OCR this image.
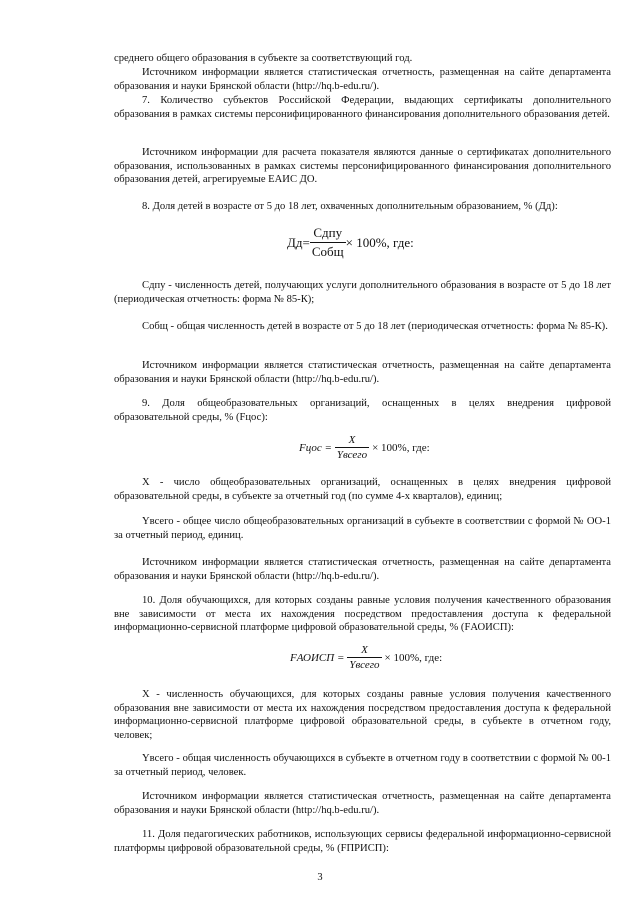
среднего общего образования в субъекте за соответствующий год.

Источником информации является статистическая отчетность, размещенная на сайте департамента образования и науки Брянской области (http://hq.b-edu.ru/).

7. Количество субъектов Российской Федерации, выдающих сертификаты дополнительного образования в рамках системы персонифицированного финансирования дополнительного образования детей.

Источником информации для расчета показателя являются данные о сертификатах дополнительного образования, использованных в рамках системы персонифицированного финансирования дополнительного образования детей, агрегируемые ЕАИС ДО.

8. Доля детей в возрасте от 5 до 18 лет, охваченных дополнительным образованием, % (Дд):

$Дд= \frac{\text{Сдпу}}{\text{Собщ}} \times 100\%$, где:

Сдпу - численность детей, получающих услуги дополнительного образования в возрасте от 5 до 18 лет (периодическая отчетность: форма № 85-К);

Собщ - общая численность детей в возрасте от 5 до 18 лет (периодическая отчетность: форма № 85-К).

Источником информации является статистическая отчетность, размещенная на сайте департамента образования и науки Брянской области (http://hq.b-edu.ru/).

9. Доля общеобразовательных организаций, оснащенных в целях внедрения цифровой образовательной среды, % (Fцос):

Fцос = $\frac{X}{\text{Yвсего}} \times 100\%$, где:

X - число общеобразовательных организаций, оснащенных в целях внедрения цифровой образовательной среды, в субъекте за отчетный год (по сумме 4-х кварталов), единиц;

Yвсего - общее число общеобразовательных организаций в субъекте в соответствии с формой № ОО-1 за отчетный период, единиц.

Источником информации является статистическая отчетность, размещенная на сайте департамента образования и науки Брянской области (http://hq.b-edu.ru/).

10. Доля обучающихся, для которых созданы равные условия получения качественного образования вне зависимости от места их нахождения посредством предоставления доступа к федеральной информационно-сервисной платформе цифровой образовательной среды, % (FАОИСП):

FАОИСП = $\frac{X}{\text{Yвсего}} \times 100\%$, где:

X - численность обучающихся, для которых созданы равные условия получения качественного образования вне зависимости от места их нахождения посредством предоставления доступа к федеральной информационно-сервисной платформе цифровой образовательной среды, в субъекте в отчетном году, человек;

Yвсего - общая численность обучающихся в субъекте в отчетном году в соответствии с формой № 00-1 за отчетный период, человек.

Источником информации является статистическая отчетность, размещенная на сайте департамента образования и науки Брянской области (http://hq.b-edu.ru/).

11. Доля педагогических работников, использующих сервисы федеральной информационно-сервисной платформы цифровой образовательной среды, % (FПРИСП):

3
